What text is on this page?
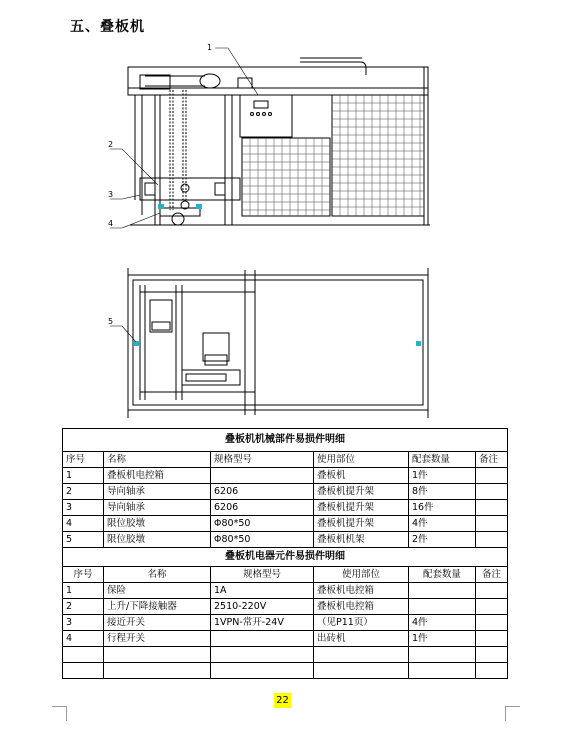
五、叠板机
1
2
3
4
5
叠板机机械部件易损件明细					
序号	名称	规格型号	使用部位	配套数量	备注
1	叠板机电控箱		叠板机	1件	
2	导向轴承	6206	叠板机提升架	8件	
3	导向轴承	6206	叠板机提升架	16件	
4	限位胶墩	Φ80*50	叠板机提升架	4件	
5	限位胶墩	Φ80*50	叠板机机架	2件	
叠板机电器元件易损件明细					
序号	名称	规格型号	使用部位	配套数量	备注
1	保险	1A	叠板机电控箱		
2	上升/下降接触器	2510-220V	叠板机电控箱		
3	接近开关	1VPN-常开-24V	（见P11页）	4件	
4	行程开关		出砖机	1件	

22
